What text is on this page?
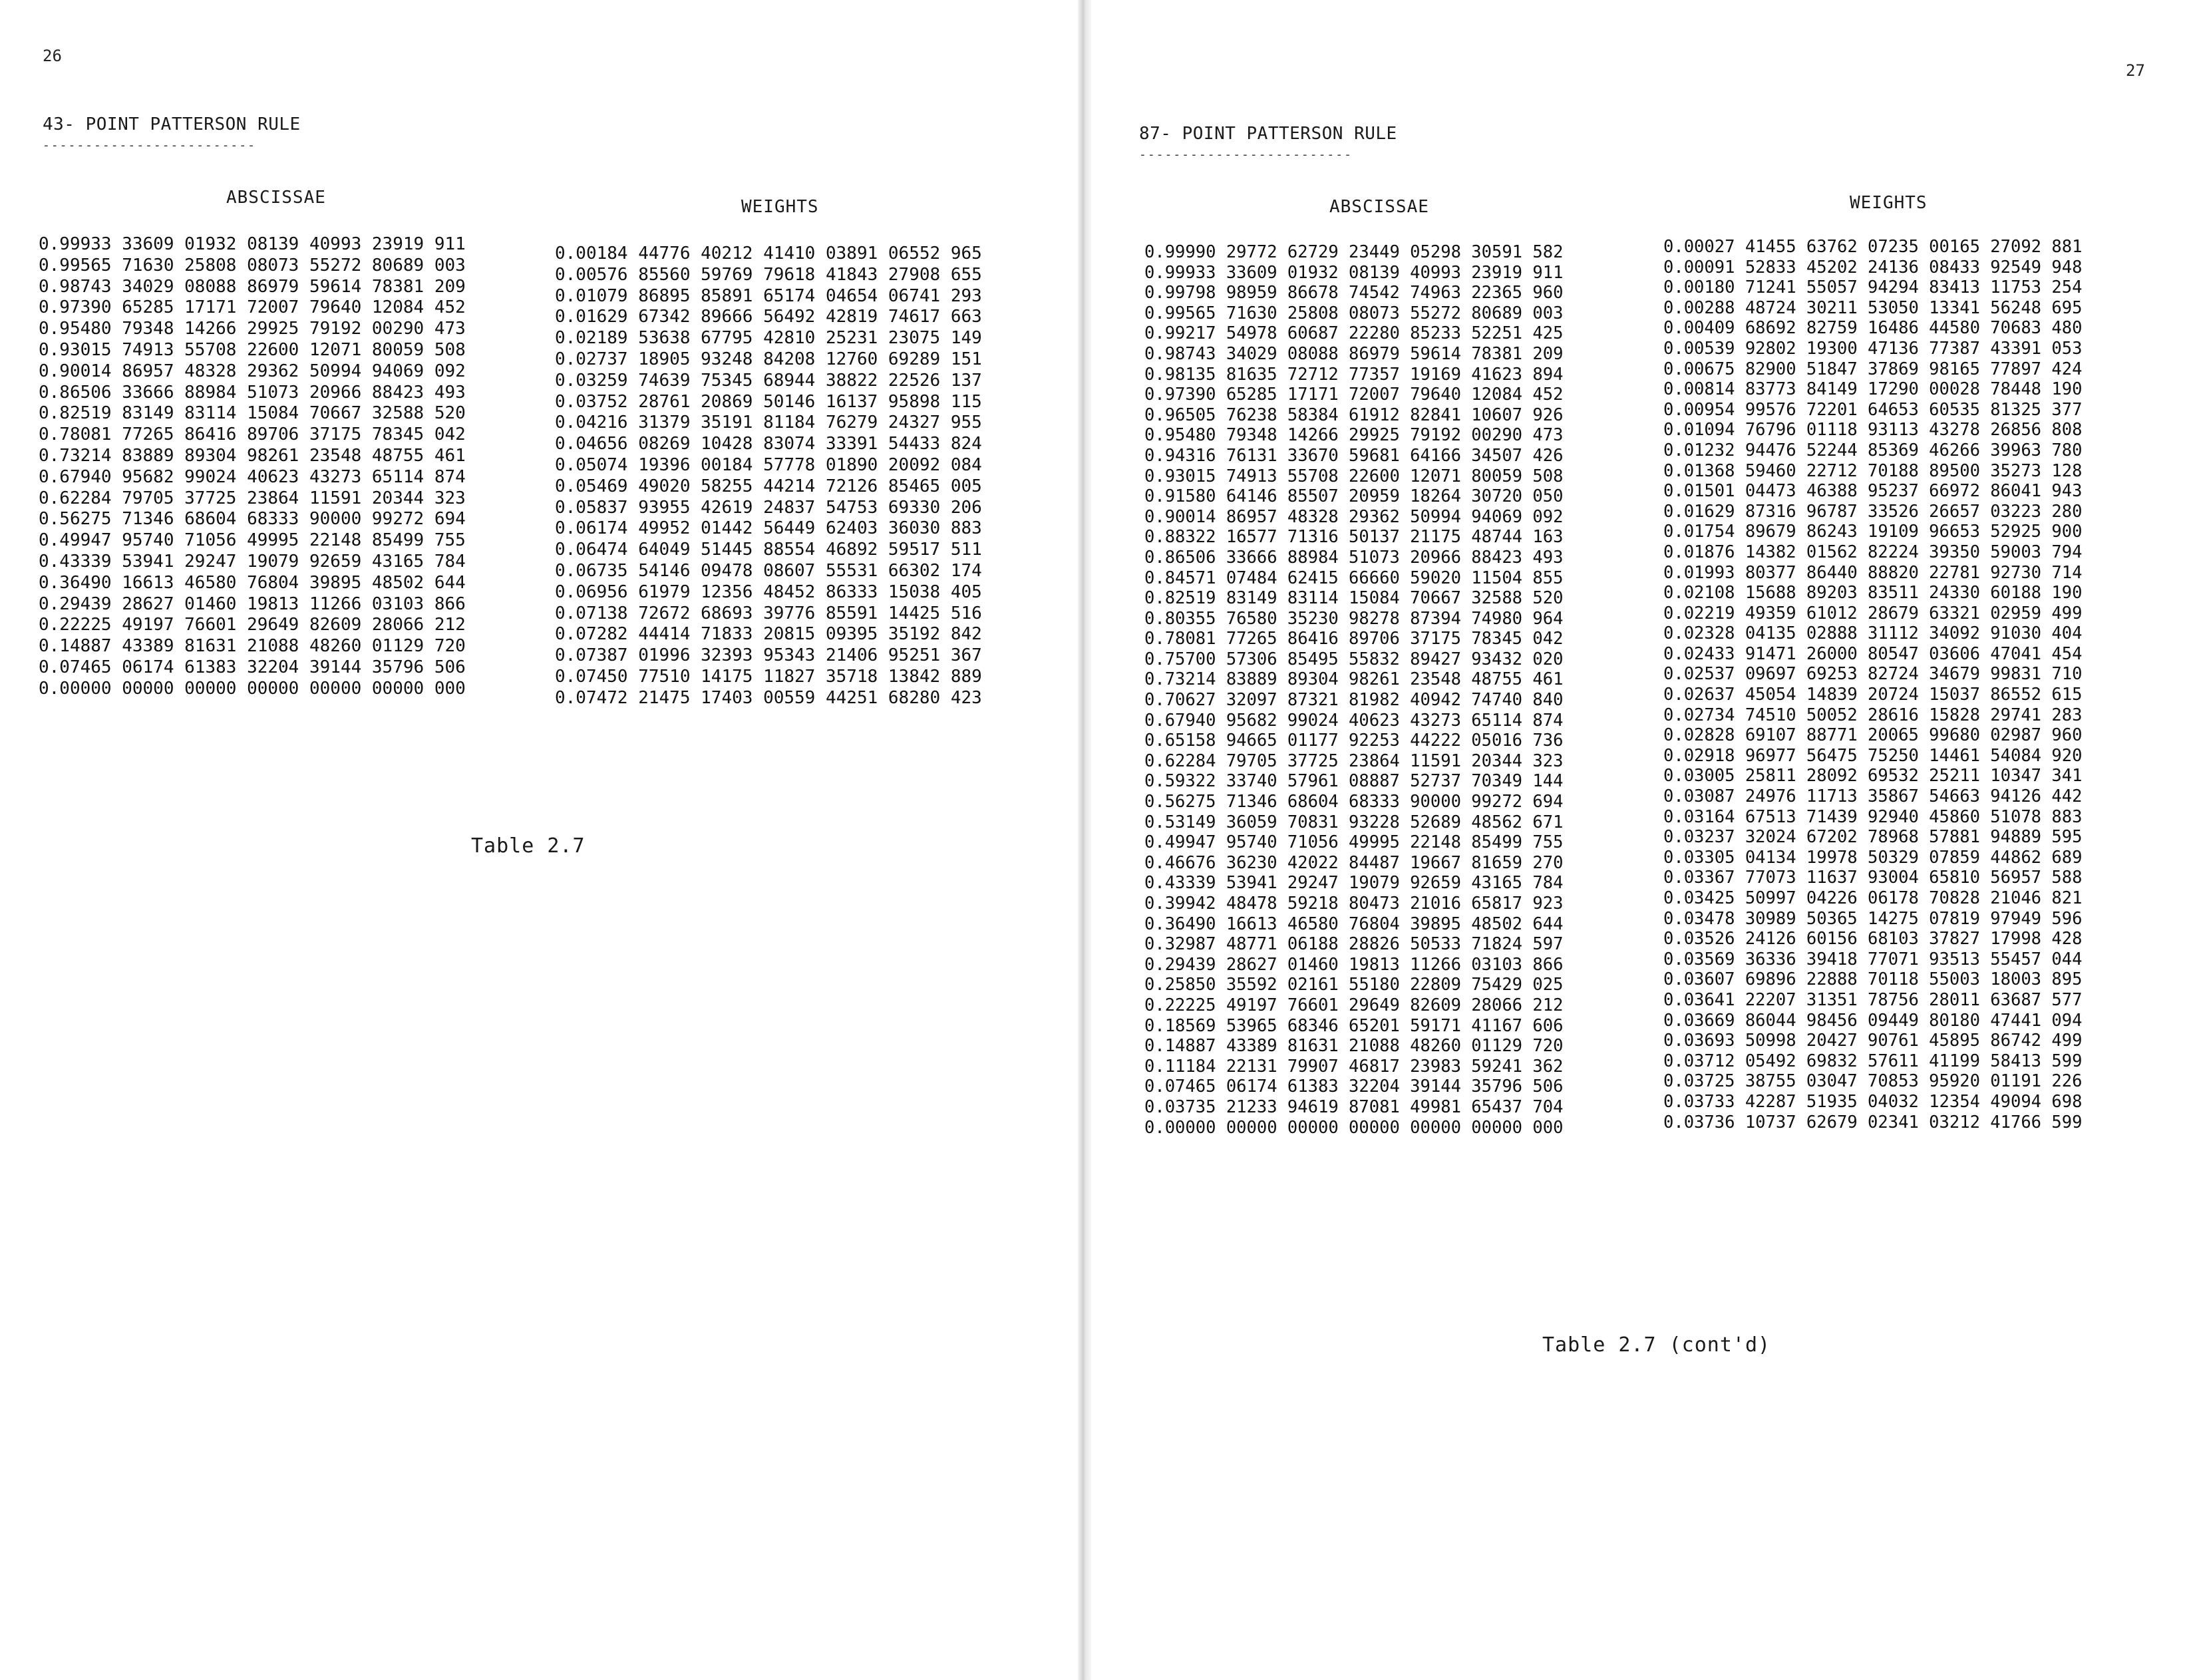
26
43- POINT PATTERSON RULE
-------------------------
ABSCISSAE	WEIGHTS
0.99933 33609 01932 08139 40993 23919 911
0.99565 71630 25808 08073 55272 80689 003
0.98743 34029 08088 86979 59614 78381 209
0.97390 65285 17171 72007 79640 12084 452
0.95480 79348 14266 29925 79192 00290 473
0.93015 74913 55708 22600 12071 80059 508
0.90014 86957 48328 29362 50994 94069 092
0.86506 33666 88984 51073 20966 88423 493
0.82519 83149 83114 15084 70667 32588 520
0.78081 77265 86416 89706 37175 78345 042
0.73214 83889 89304 98261 23548 48755 461
0.67940 95682 99024 40623 43273 65114 874
0.62284 79705 37725 23864 11591 20344 323
0.56275 71346 68604 68333 90000 99272 694
0.49947 95740 71056 49995 22148 85499 755
0.43339 53941 29247 19079 92659 43165 784
0.36490 16613 46580 76804 39895 48502 644
0.29439 28627 01460 19813 11266 03103 866
0.22225 49197 76601 29649 82609 28066 212
0.14887 43389 81631 21088 48260 01129 720
0.07465 06174 61383 32204 39144 35796 506
0.00000 00000 00000 00000 00000 00000 000
0.00184 44776 40212 41410 03891 06552 965
0.00576 85560 59769 79618 41843 27908 655
0.01079 86895 85891 65174 04654 06741 293
0.01629 67342 89666 56492 42819 74617 663
0.02189 53638 67795 42810 25231 23075 149
0.02737 18905 93248 84208 12760 69289 151
0.03259 74639 75345 68944 38822 22526 137
0.03752 28761 20869 50146 16137 95898 115
0.04216 31379 35191 81184 76279 24327 955
0.04656 08269 10428 83074 33391 54433 824
0.05074 19396 00184 57778 01890 20092 084
0.05469 49020 58255 44214 72126 85465 005
0.05837 93955 42619 24837 54753 69330 206
0.06174 49952 01442 56449 62403 36030 883
0.06474 64049 51445 88554 46892 59517 511
0.06735 54146 09478 08607 55531 66302 174
0.06956 61979 12356 48452 86333 15038 405
0.07138 72672 68693 39776 85591 14425 516
0.07282 44414 71833 20815 09395 35192 842
0.07387 01996 32393 95343 21406 95251 367
0.07450 77510 14175 11827 35718 13842 889
0.07472 21475 17403 00559 44251 68280 423
Table 2.7
27
87- POINT PATTERSON RULE
-------------------------
ABSCISSAE	WEIGHTS
0.99990 29772 62729 23449 05298 30591 582
0.99933 33609 01932 08139 40993 23919 911
0.99798 98959 86678 74542 74963 22365 960
0.99565 71630 25808 08073 55272 80689 003
0.99217 54978 60687 22280 85233 52251 425
0.98743 34029 08088 86979 59614 78381 209
0.98135 81635 72712 77357 19169 41623 894
0.97390 65285 17171 72007 79640 12084 452
0.96505 76238 58384 61912 82841 10607 926
0.95480 79348 14266 29925 79192 00290 473
0.94316 76131 33670 59681 64166 34507 426
0.93015 74913 55708 22600 12071 80059 508
0.91580 64146 85507 20959 18264 30720 050
0.90014 86957 48328 29362 50994 94069 092
0.88322 16577 71316 50137 21175 48744 163
0.86506 33666 88984 51073 20966 88423 493
0.84571 07484 62415 66660 59020 11504 855
0.82519 83149 83114 15084 70667 32588 520
0.80355 76580 35230 98278 87394 74980 964
0.78081 77265 86416 89706 37175 78345 042
0.75700 57306 85495 55832 89427 93432 020
0.73214 83889 89304 98261 23548 48755 461
0.70627 32097 87321 81982 40942 74740 840
0.67940 95682 99024 40623 43273 65114 874
0.65158 94665 01177 92253 44222 05016 736
0.62284 79705 37725 23864 11591 20344 323
0.59322 33740 57961 08887 52737 70349 144
0.56275 71346 68604 68333 90000 99272 694
0.53149 36059 70831 93228 52689 48562 671
0.49947 95740 71056 49995 22148 85499 755
0.46676 36230 42022 84487 19667 81659 270
0.43339 53941 29247 19079 92659 43165 784
0.39942 48478 59218 80473 21016 65817 923
0.36490 16613 46580 76804 39895 48502 644
0.32987 48771 06188 28826 50533 71824 597
0.29439 28627 01460 19813 11266 03103 866
0.25850 35592 02161 55180 22809 75429 025
0.22225 49197 76601 29649 82609 28066 212
0.18569 53965 68346 65201 59171 41167 606
0.14887 43389 81631 21088 48260 01129 720
0.11184 22131 79907 46817 23983 59241 362
0.07465 06174 61383 32204 39144 35796 506
0.03735 21233 94619 87081 49981 65437 704
0.00000 00000 00000 00000 00000 00000 000
0.00027 41455 63762 07235 00165 27092 881
0.00091 52833 45202 24136 08433 92549 948
0.00180 71241 55057 94294 83413 11753 254
0.00288 48724 30211 53050 13341 56248 695
0.00409 68692 82759 16486 44580 70683 480
0.00539 92802 19300 47136 77387 43391 053
0.00675 82900 51847 37869 98165 77897 424
0.00814 83773 84149 17290 00028 78448 190
0.00954 99576 72201 64653 60535 81325 377
0.01094 76796 01118 93113 43278 26856 808
0.01232 94476 52244 85369 46266 39963 780
0.01368 59460 22712 70188 89500 35273 128
0.01501 04473 46388 95237 66972 86041 943
0.01629 87316 96787 33526 26657 03223 280
0.01754 89679 86243 19109 96653 52925 900
0.01876 14382 01562 82224 39350 59003 794
0.01993 80377 86440 88820 22781 92730 714
0.02108 15688 89203 83511 24330 60188 190
0.02219 49359 61012 28679 63321 02959 499
0.02328 04135 02888 31112 34092 91030 404
0.02433 91471 26000 80547 03606 47041 454
0.02537 09697 69253 82724 34679 99831 710
0.02637 45054 14839 20724 15037 86552 615
0.02734 74510 50052 28616 15828 29741 283
0.02828 69107 88771 20065 99680 02987 960
0.02918 96977 56475 75250 14461 54084 920
0.03005 25811 28092 69532 25211 10347 341
0.03087 24976 11713 35867 54663 94126 442
0.03164 67513 71439 92940 45860 51078 883
0.03237 32024 67202 78968 57881 94889 595
0.03305 04134 19978 50329 07859 44862 689
0.03367 77073 11637 93004 65810 56957 588
0.03425 50997 04226 06178 70828 21046 821
0.03478 30989 50365 14275 07819 97949 596
0.03526 24126 60156 68103 37827 17998 428
0.03569 36336 39418 77071 93513 55457 044
0.03607 69896 22888 70118 55003 18003 895
0.03641 22207 31351 78756 28011 63687 577
0.03669 86044 98456 09449 80180 47441 094
0.03693 50998 20427 90761 45895 86742 499
0.03712 05492 69832 57611 41199 58413 599
0.03725 38755 03047 70853 95920 01191 226
0.03733 42287 51935 04032 12354 49094 698
0.03736 10737 62679 02341 03212 41766 599
Table 2.7 (cont'd)
